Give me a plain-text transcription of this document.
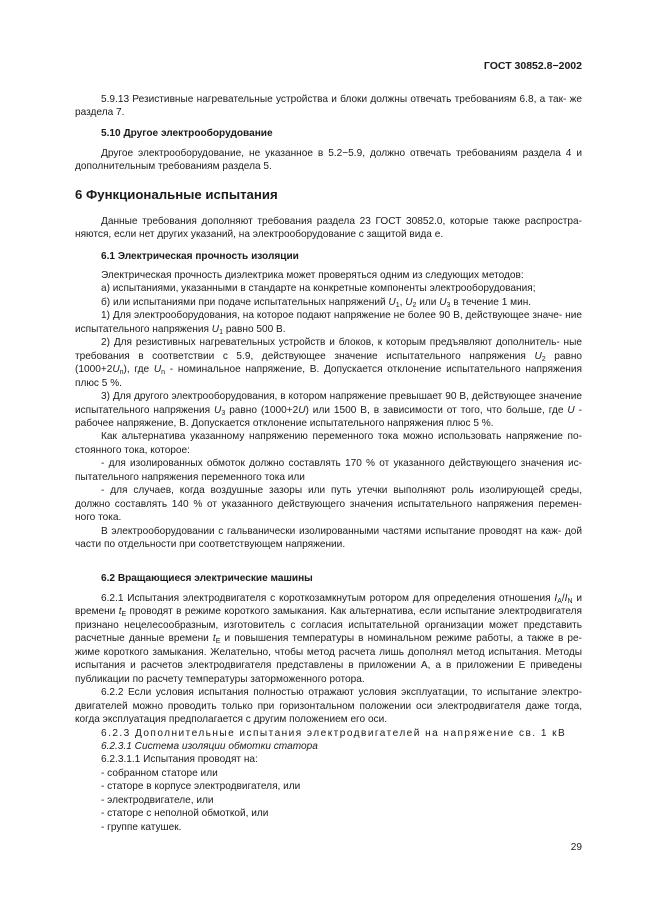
ГОСТ 30852.8−2002

5.9.13 Резистивные нагревательные устройства и блоки должны отвечать требованиям 6.8, а так- же раздела 7.

5.10 Другое электрооборудование

Другое электрооборудование, не указанное в 5.2−5.9, должно отвечать требованиям раздела 4 и дополнительным требованиям раздела 5.

6 Функциональные испытания

Данные требования дополняют требования раздела 23 ГОСТ 30852.0, которые также распростра- няются, если нет других указаний, на электрооборудование с защитой вида е.

6.1 Электрическая прочность изоляции

Электрическая прочность диэлектрика может проверяться одним из следующих методов:

а) испытаниями, указанными в стандарте на конкретные компоненты электрооборудования;

б) или испытаниями при подаче испытательных напряжений $U_1$, $U_2$ или $U_3$ в течение 1 мин.

1) Для электрооборудования, на которое подают напряжение не более 90 В, действующее значе- ние испытательного напряжения $U_1$ равно 500 В.

2) Для резистивных нагревательных устройств и блоков, к которым предъявляют дополнитель- ные требования в соответствии с 5.9, действующее значение испытательного напряжения $U_2$ равно $(1000+2U_n)$, где $U_n$ - номинальное напряжение, В. Допускается отклонение испытательного напряжения плюс 5 %.

3) Для другого электрооборудования, в котором напряжение превышает 90 В, действующее значение испытательного напряжения $U_3$ равно (1000+2U) или 1500 В, в зависимости от того, что больше, где U - рабочее напряжение, В. Допускается отклонение испытательного напряжения плюс 5 %.

Как альтернатива указанному напряжению переменного тока можно использовать напряжение по- стоянного тока, которое:

- для изолированных обмоток должно составлять 170 % от указанного действующего значения ис- пытательного напряжения переменного тока или

- для случаев, когда воздушные зазоры или путь утечки выполняют роль изолирующей среды, должно составлять 140 % от указанного действующего значения испытательного напряжения перемен- ного тока.

В электрооборудовании с гальванически изолированными частями испытание проводят на каж- дой части по отдельности при соответствующем напряжении.

6.2 Вращающиеся электрические машины

6.2.1 Испытания электродвигателя с короткозамкнутым ротором для определения отношения $I_A/I_N$ и времени $t_E$ проводят в режиме короткого замыкания. Как альтернатива, если испытание электродвигателя признано нецелесообразным, изготовитель с согласия испытательной организации может представить расчетные данные времени $t_E$ и повышения температуры в номинальном режиме работы, а также в ре- жиме короткого замыкания. Желательно, чтобы метод расчета лишь дополнял метод испытания. Методы испытания и расчетов электродвигателя представлены в приложении А, а в приложении Е приведены публикации по расчету температуры заторможенного ротора.

6.2.2 Если условия испытания полностью отражают условия эксплуатации, то испытание электро- двигателей можно проводить только при горизонтальном положении оси электродвигателя даже тогда, когда эксплуатация предполагается с другим положением его оси.

6.2.3 Дополнительные испытания электродвигателей на напряжение св. 1 кВ

6.2.3.1 Система изоляции обмотки статора

6.2.3.1.1 Испытания проводят на:

- собранном статоре или

- статоре в корпусе электродвигателя, или

- электродвигателе, или

- статоре с неполной обмоткой, или

- группе катушек.

29
